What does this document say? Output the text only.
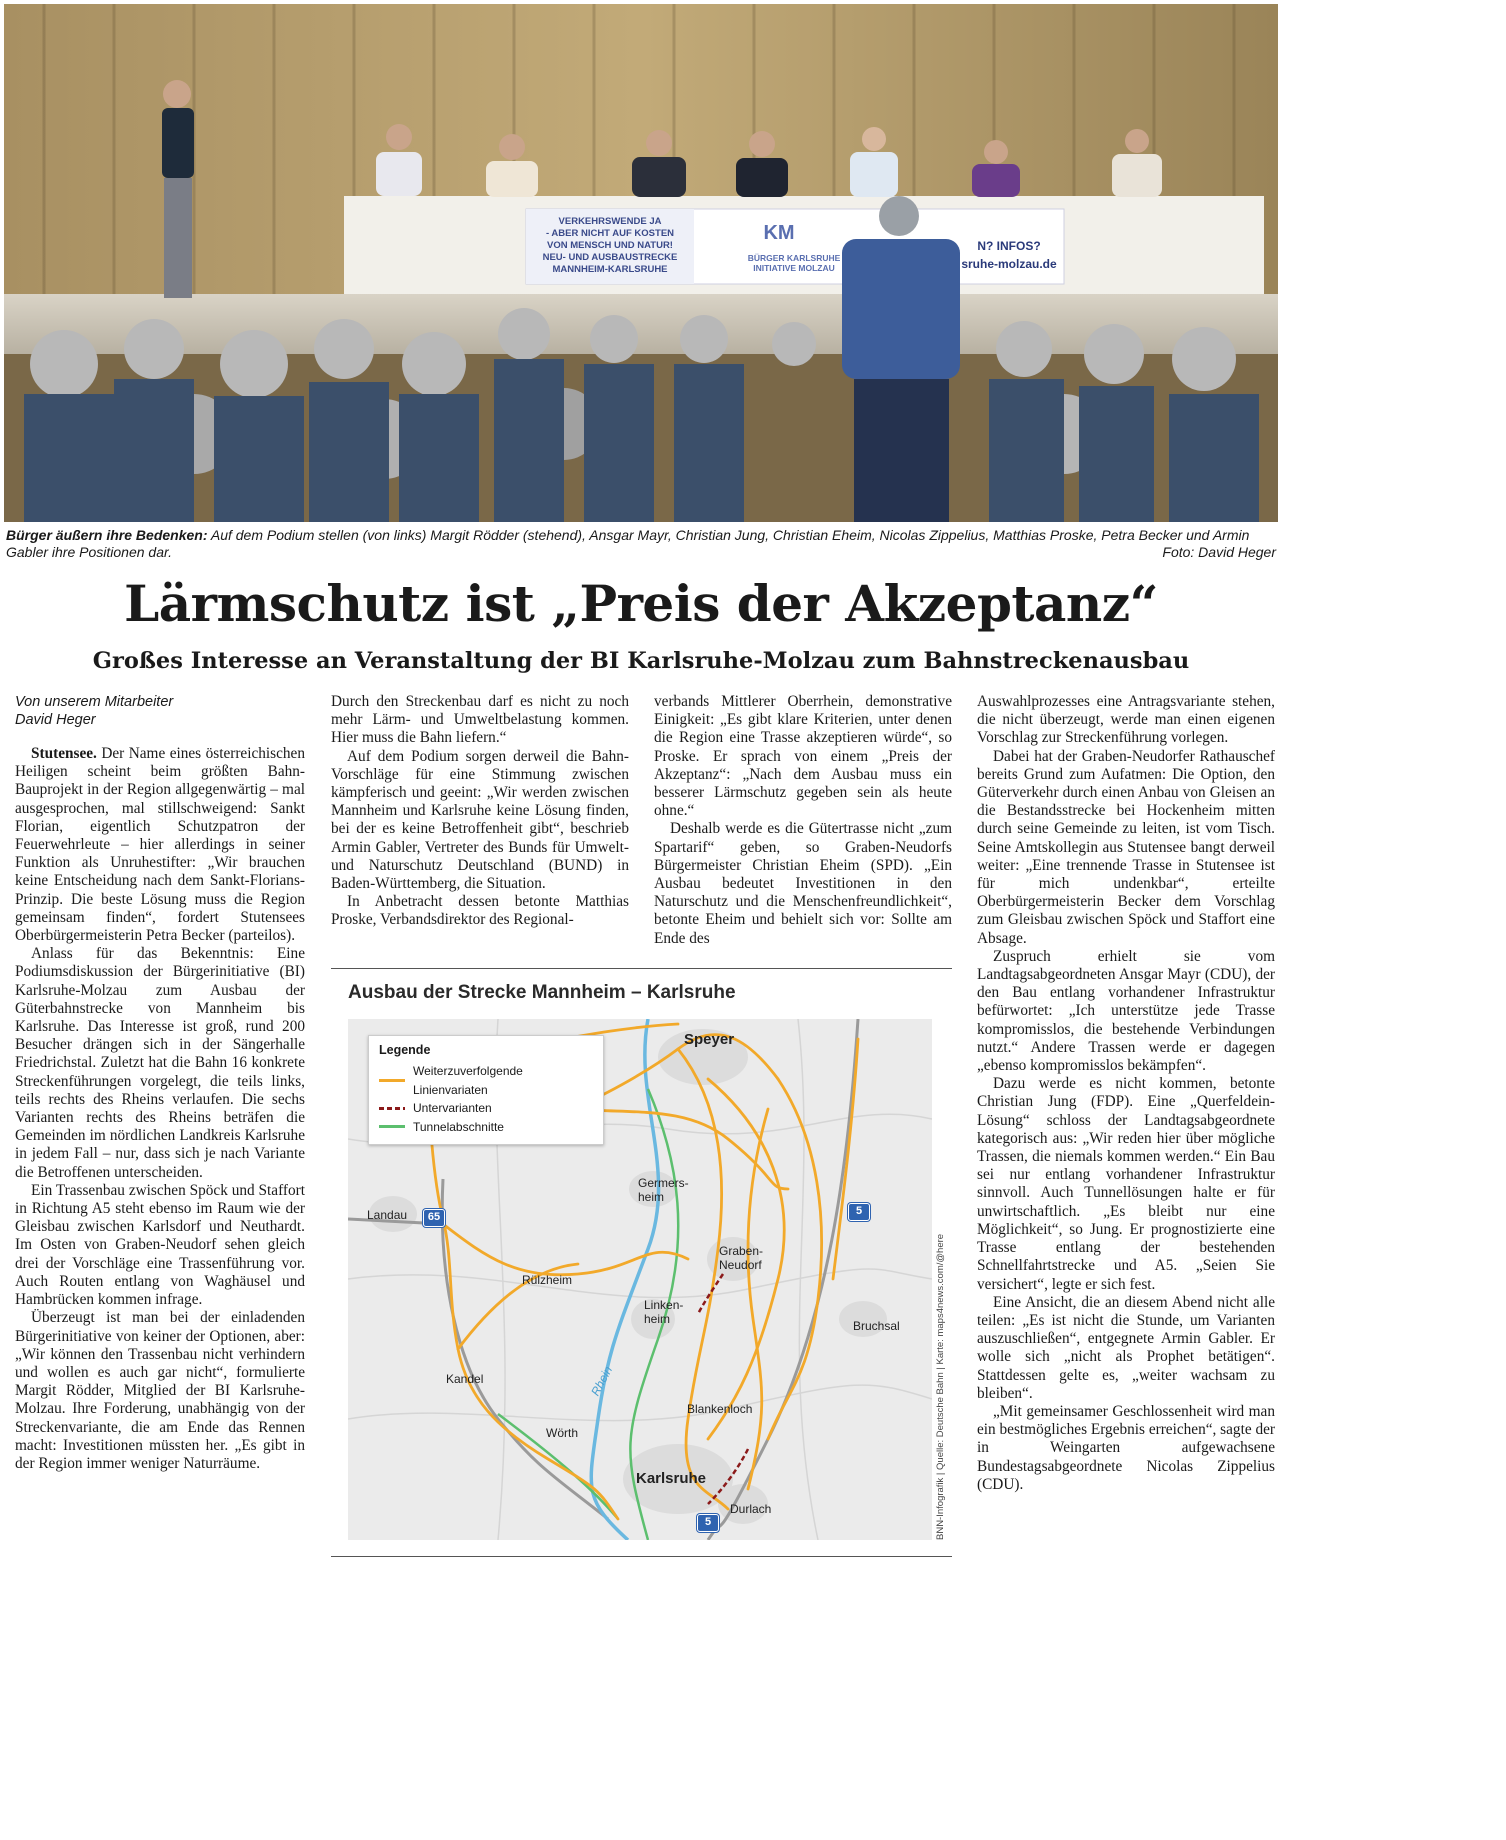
VERKEHRSWENDE JA
- ABER NICHT AUF KOSTEN
VON MENSCH UND NATUR!
NEU- UND AUSBAUSTRECKE
MANNHEIM-KARLSRUHE
KM
BÜRGER KARLSRUHE
INITIATIVE MOLZAU
N? INFOS?
sruhe-molzau.de
Bürger äußern ihre Bedenken: Auf dem Podium stellen (von links) Margit Rödder (stehend), Ansgar Mayr, Christian Jung, Christian Eheim, Nicolas Zippelius, Matthias Proske, Petra Becker und Armin Gabler ihre Positionen dar.	Foto: David Heger
Lärmschutz ist „Preis der Akzeptanz“
Großes Interesse an Veranstaltung der BI Karlsruhe-Molzau zum Bahnstreckenausbau
Von unserem Mitarbeiter
David Heger

Stutensee. Der Name eines österreichischen Heiligen scheint beim größten Bahn-Bauprojekt in der Region allgegenwärtig – mal ausgesprochen, mal stillschweigend: Sankt Florian, eigentlich Schutzpatron der Feuerwehrleute – hier allerdings in seiner Funktion als Unruhestifter: „Wir brauchen keine Entscheidung nach dem Sankt-Florians-Prinzip. Die beste Lösung muss die Region gemeinsam finden“, fordert Stutensees Oberbürgermeisterin Petra Becker (parteilos).

Anlass für das Bekenntnis: Eine Podiumsdiskussion der Bürgerinitiative (BI) Karlsruhe-Molzau zum Ausbau der Güterbahnstrecke von Mannheim bis Karlsruhe. Das Interesse ist groß, rund 200 Besucher drängen sich in der Sängerhalle Friedrichstal. Zuletzt hat die Bahn 16 konkrete Streckenführungen vorgelegt, die teils links, teils rechts des Rheins verlaufen. Die sechs Varianten rechts des Rheins beträfen die Gemeinden im nördlichen Landkreis Karlsruhe in jedem Fall – nur, dass sich je nach Variante die Betroffenen unterscheiden.

Ein Trassenbau zwischen Spöck und Staffort in Richtung A5 steht ebenso im Raum wie der Gleisbau zwischen Karlsdorf und Neuthardt. Im Osten von Graben-Neudorf sehen gleich drei der Vorschläge eine Trassenführung vor. Auch Routen entlang von Waghäusel und Hambrücken kommen infrage.

Überzeugt ist man bei der einladenden Bürgerinitiative von keiner der Optionen, aber: „Wir können den Trassenbau nicht verhindern und wollen es auch gar nicht“, formulierte Margit Rödder, Mitglied der BI Karlsruhe-Molzau. Ihre Forderung, unabhängig von der Streckenvariante, die am Ende das Rennen macht: Investitionen müssten her. „Es gibt in der Region immer weniger Naturräume.

Durch den Streckenbau darf es nicht zu noch mehr Lärm- und Umweltbelastung kommen. Hier muss die Bahn liefern.“

Auf dem Podium sorgen derweil die Bahn-Vorschläge für eine Stimmung zwischen kämpferisch und geeint: „Wir werden zwischen Mannheim und Karlsruhe keine Lösung finden, bei der es keine Betroffenheit gibt“, beschrieb Armin Gabler, Vertreter des Bunds für Umwelt- und Naturschutz Deutschland (BUND) in Baden-Württemberg, die Situation.

In Anbetracht dessen betonte Matthias Proske, Verbandsdirektor des Regional-

verbands Mittlerer Oberrhein, demonstrative Einigkeit: „Es gibt klare Kriterien, unter denen die Region eine Trasse akzeptieren würde“, so Proske. Er sprach von einem „Preis der Akzeptanz“: „Nach dem Ausbau muss ein besserer Lärmschutz gegeben sein als heute ohne.“

Deshalb werde es die Gütertrasse nicht „zum Spartarif“ geben, so Graben-Neudorfs Bürgermeister Christian Eheim (SPD). „Ein Ausbau bedeutet Investitionen in den Naturschutz und die Menschenfreundlichkeit“, betonte Eheim und behielt sich vor: Sollte am Ende des

Auswahlprozesses eine Antragsvariante stehen, die nicht überzeugt, werde man einen eigenen Vorschlag zur Streckenführung vorlegen.

Dabei hat der Graben-Neudorfer Rathauschef bereits Grund zum Aufatmen: Die Option, den Güterverkehr durch einen Anbau von Gleisen an die Bestandsstrecke bei Hockenheim mitten durch seine Gemeinde zu leiten, ist vom Tisch. Seine Amtskollegin aus Stutensee bangt derweil weiter: „Eine trennende Trasse in Stutensee ist für mich undenkbar“, erteilte Oberbürgermeisterin Becker dem Vorschlag zum Gleisbau zwischen Spöck und Staffort eine Absage.

Zuspruch erhielt sie vom Landtagsabgeordneten Ansgar Mayr (CDU), der den Bau entlang vorhandener Infrastruktur befürwortet: „Ich unterstütze jede Trasse kompromisslos, die bestehende Verbindungen nutzt.“ Andere Trassen werde er dagegen „ebenso kompromisslos bekämpfen“.

Dazu werde es nicht kommen, betonte Christian Jung (FDP). Eine „Querfeldein-Lösung“ schloss der Landtagsabgeordnete kategorisch aus: „Wir reden hier über mögliche Trassen, die niemals kommen werden.“ Ein Bau sei nur entlang vorhandener Infrastruktur sinnvoll. Auch Tunnellösungen halte er für unwirtschaftlich. „Es bleibt nur eine Möglichkeit“, so Jung. Er prognostizierte eine Trasse entlang der bestehenden Schnellfahrtstrecke und A5. „Seien Sie versichert“, legte er sich fest.

Eine Ansicht, die an diesem Abend nicht alle teilen: „Es ist nicht die Stunde, um Varianten auszuschließen“, entgegnete Armin Gabler. Er wolle sich „nicht als Prophet betätigen“. Stattdessen gelte es, „weiter wachsam zu bleiben“.

„Mit gemeinsamer Geschlossenheit wird man ein bestmögliches Ergebnis erreichen“, sagte der in Weingarten aufgewachsene Bundestagsabgeordnete Nicolas Zippelius (CDU).

Ausbau der Strecke Mannheim – Karlsruhe
Legende
Weiterzuverfolgende Linienvariaten
Untervarianten
Tunnelabschnitte
Speyer
Landau
Germers-
heim
Graben-
Neudorf
Rülzheim
Linken-
heim	Bruchsal
Kandel
Blankenloch
Wörth
Karlsruhe
Durlach
Rhein
65	5
5	BNN-Infografik | Quelle: Deutsche Bahn | Karte: maps4news.com/@here
